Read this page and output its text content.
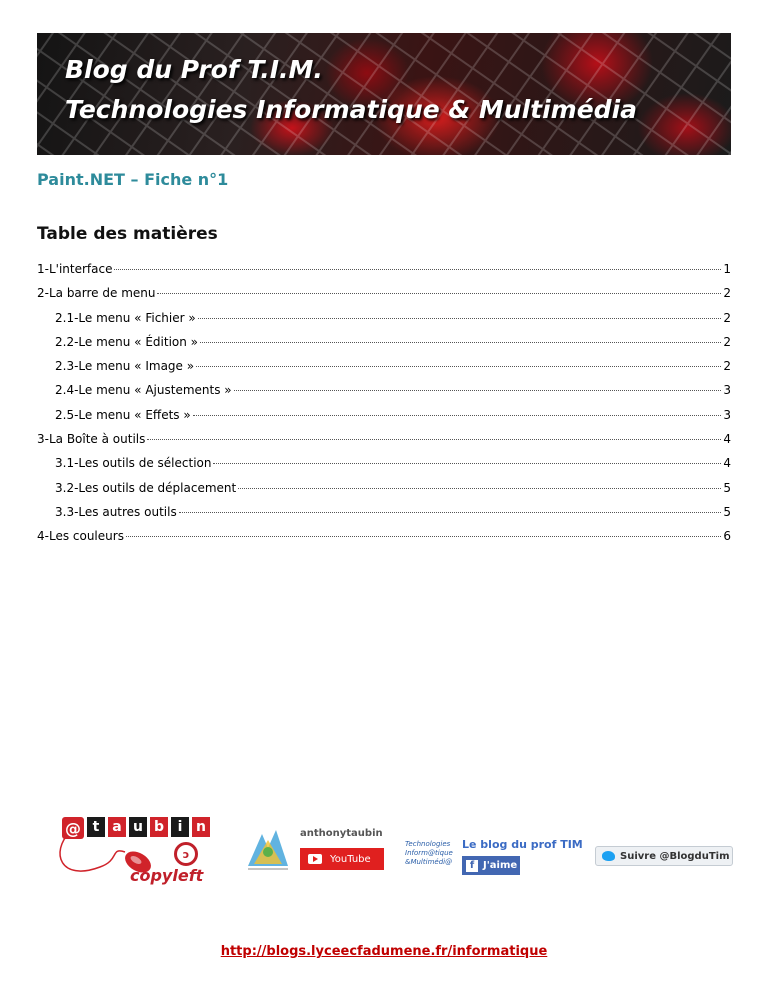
Blog du Prof T.I.M.
Technologies Informatique & Multimédia
Paint.NET – Fiche n°1
Table des matières
1-L'interface	1
2-La barre de menu	2
2.1-Le menu « Fichier »	2
2.2-Le menu « Édition »	2
2.3-Le menu « Image »	2
2.4-Le menu « Ajustements »	3
2.5-Le menu « Effets »	3
3-La Boîte à outils	4
3.1-Les outils de sélection	4
3.2-Les outils de déplacement	5
3.3-Les autres outils	5
4-Les couleurs	6
@ t a u b i n
ɔ
copyleft
anthonytaubin
YouTube
Technologies
Inform@tique
&Multimédi@
Le blog du prof TIM
f J'aime
Suivre @BlogduTim
http://blogs.lyceecfadumene.fr/informatique
